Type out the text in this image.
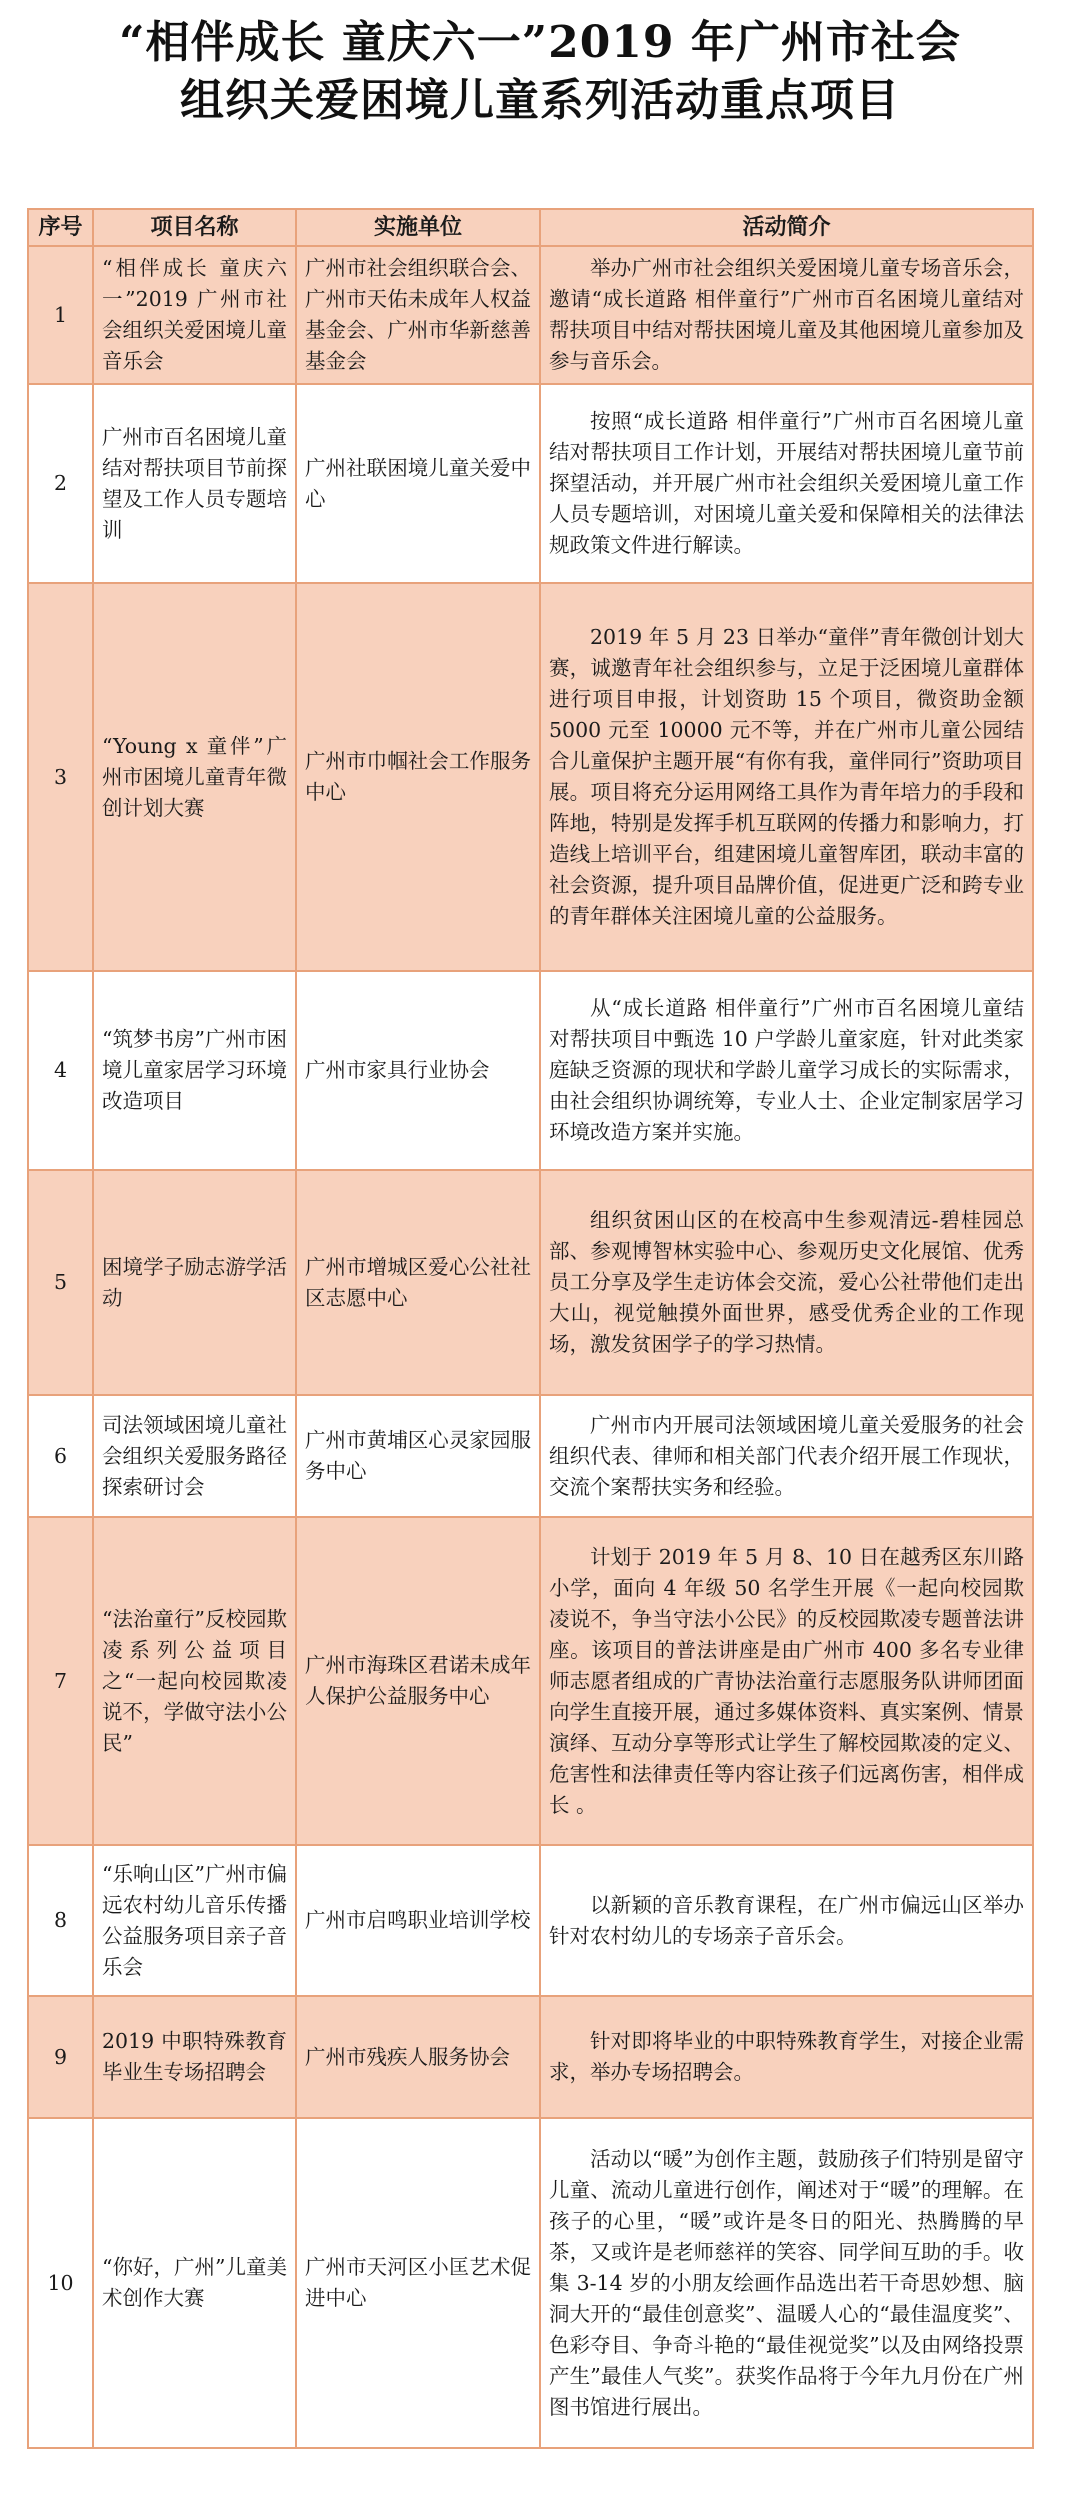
“相伴成长 童庆六一”2019 年广州市社会
组织关爱困境儿童系列活动重点项目
序号	项目名称	实施单位	活动简介
1	“相伴成长 童庆六一”2019 广州市社会组织关爱困境儿童音乐会	广州市社会组织联合会、广州市天佑未成年人权益基金会、广州市华新慈善基金会	举办广州市社会组织关爱困境儿童专场音乐会，邀请“成长道路 相伴童行”广州市百名困境儿童结对帮扶项目中结对帮扶困境儿童及其他困境儿童参加及参与音乐会。
2	广州市百名困境儿童结对帮扶项目节前探望及工作人员专题培训	广州社联困境儿童关爱中心	按照“成长道路 相伴童行”广州市百名困境儿童结对帮扶项目工作计划，开展结对帮扶困境儿童节前探望活动，并开展广州市社会组织关爱困境儿童工作人员专题培训，对困境儿童关爱和保障相关的法律法规政策文件进行解读。
3	“Young x 童伴”广州市困境儿童青年微创计划大赛	广州市巾帼社会工作服务中心	2019 年 5 月 23 日举办“童伴”青年微创计划大赛，诚邀青年社会组织参与，立足于泛困境儿童群体进行项目申报，计划资助 15 个项目，微资助金额 5000 元至 10000 元不等，并在广州市儿童公园结合儿童保护主题开展“有你有我，童伴同行”资助项目展。项目将充分运用网络工具作为青年培力的手段和阵地，特别是发挥手机互联网的传播力和影响力，打造线上培训平台，组建困境儿童智库团，联动丰富的社会资源，提升项目品牌价值，促进更广泛和跨专业的青年群体关注困境儿童的公益服务。
4	“筑梦书房”广州市困境儿童家居学习环境改造项目	广州市家具行业协会	从“成长道路 相伴童行”广州市百名困境儿童结对帮扶项目中甄选 10 户学龄儿童家庭，针对此类家庭缺乏资源的现状和学龄儿童学习成长的实际需求，由社会组织协调统筹，专业人士、企业定制家居学习环境改造方案并实施。
5	困境学子励志游学活动	广州市增城区爱心公社社区志愿中心	组织贫困山区的在校高中生参观清远-碧桂园总部、参观博智林实验中心、参观历史文化展馆、优秀员工分享及学生走访体会交流，爱心公社带他们走出大山，视觉触摸外面世界，感受优秀企业的工作现场，激发贫困学子的学习热情。
6	司法领域困境儿童社会组织关爱服务路径探索研讨会	广州市黄埔区心灵家园服务中心	广州市内开展司法领域困境儿童关爱服务的社会组织代表、律师和相关部门代表介绍开展工作现状，交流个案帮扶实务和经验。
7	“法治童行”反校园欺凌系列公益项目之“一起向校园欺凌说不，学做守法小公民”	广州市海珠区君诺未成年人保护公益服务中心	计划于 2019 年 5 月 8、10 日在越秀区东川路小学，面向 4 年级 50 名学生开展《一起向校园欺凌说不，争当守法小公民》的反校园欺凌专题普法讲座。该项目的普法讲座是由广州市 400 多名专业律师志愿者组成的广青协法治童行志愿服务队讲师团面向学生直接开展，通过多媒体资料、真实案例、情景演绎、互动分享等形式让学生了解校园欺凌的定义、危害性和法律责任等内容让孩子们远离伤害，相伴成长 。
8	“乐响山区”广州市偏远农村幼儿音乐传播公益服务项目亲子音乐会	广州市启鸣职业培训学校	以新颖的音乐教育课程，在广州市偏远山区举办针对农村幼儿的专场亲子音乐会。
9	2019 中职特殊教育毕业生专场招聘会	广州市残疾人服务协会	针对即将毕业的中职特殊教育学生，对接企业需求，举办专场招聘会。
10	“你好，广州”儿童美术创作大赛	广州市天河区小匡艺术促进中心	活动以“暖”为创作主题，鼓励孩子们特别是留守儿童、流动儿童进行创作，阐述对于“暖”的理解。在孩子的心里，“暖”或许是冬日的阳光、热腾腾的早茶，又或许是老师慈祥的笑容、同学间互助的手。收集 3-14 岁的小朋友绘画作品选出若干奇思妙想、脑洞大开的“最佳创意奖”、温暖人心的“最佳温度奖”、色彩夺目、争奇斗艳的“最佳视觉奖”以及由网络投票产生”最佳人气奖”。获奖作品将于今年九月份在广州图书馆进行展出。
